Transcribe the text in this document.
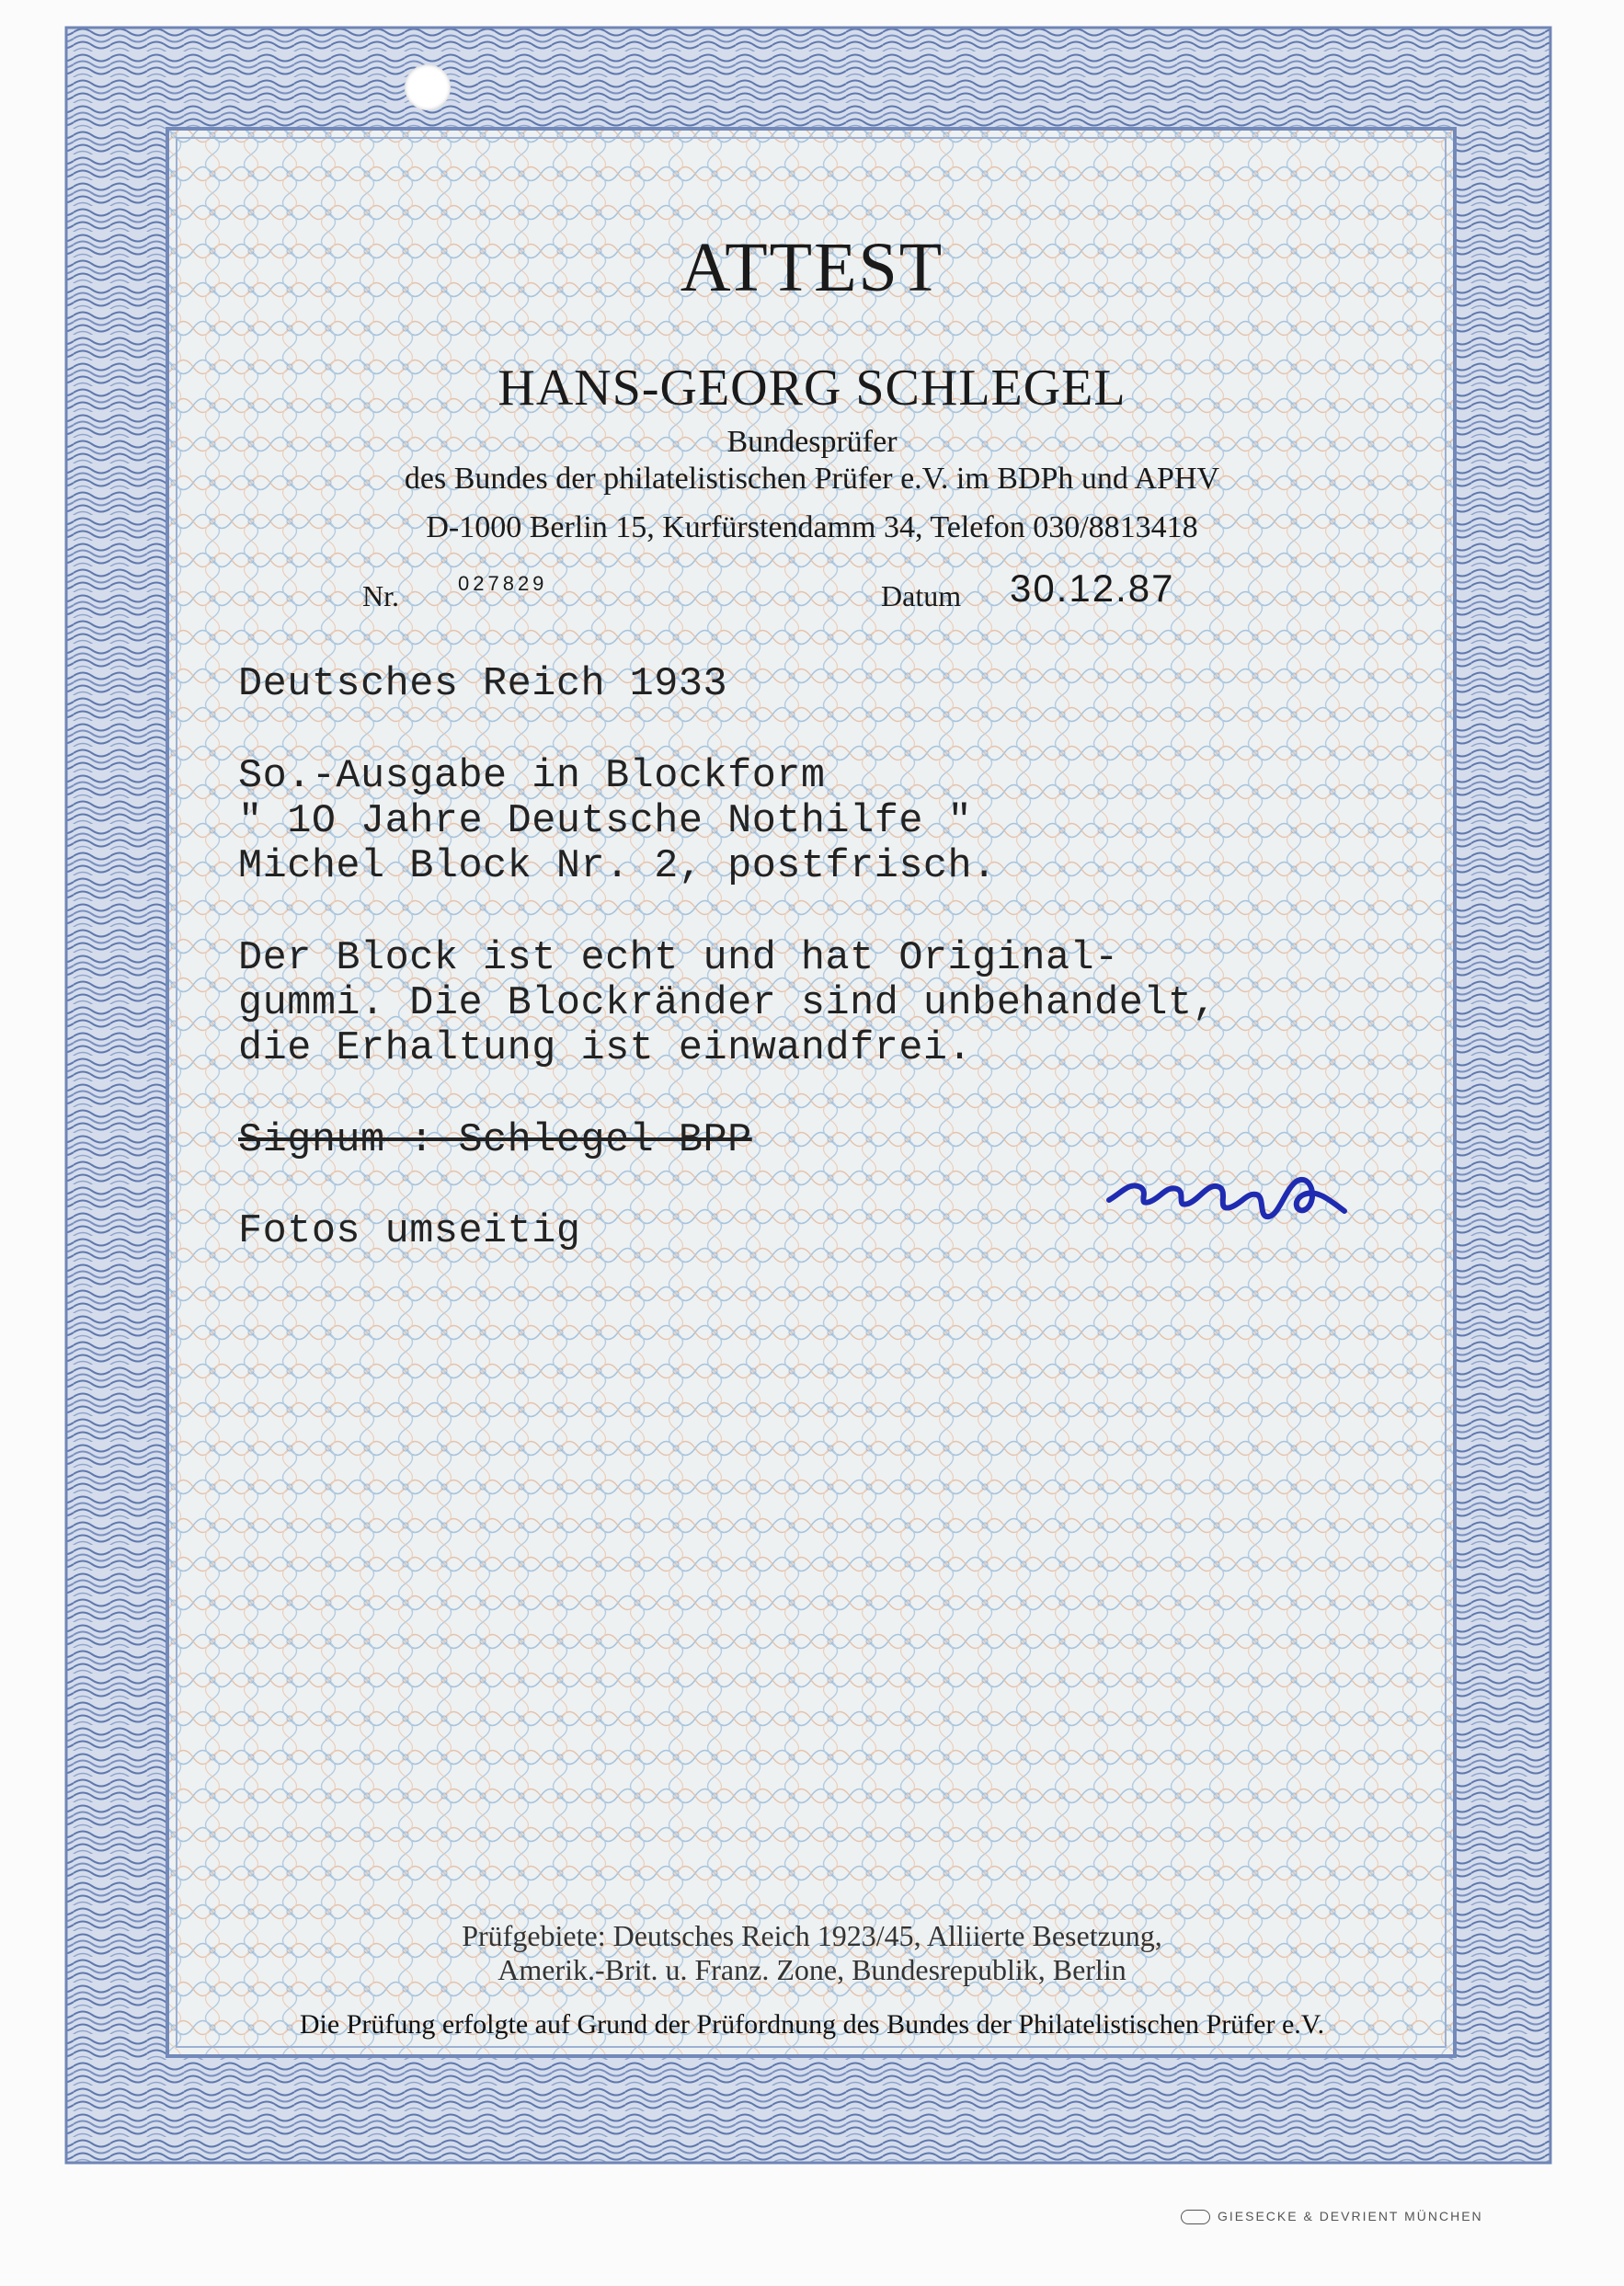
ATTEST
HANS-GEORG SCHLEGEL
Bundesprüfer
des Bundes der philatelistischen Prüfer e.V. im BDPh und APHV
D-1000 Berlin 15, Kurfürstendamm 34, Telefon 030/8813418
Nr.	027829	Datum 30.12.87
Deutsches Reich 1933
So.-Ausgabe in Blockform
" 1O Jahre Deutsche Nothilfe "
Michel Block Nr. 2, postfrisch.
Der Block ist echt und hat Original-
gummi. Die Blockränder sind unbehandelt,
die Erhaltung ist einwandfrei.
Signum : Schlegel BPP
Fotos umseitig
Prüfgebiete: Deutsches Reich 1923/45, Alliierte Besetzung,
Amerik.-Brit. u. Franz. Zone, Bundesrepublik, Berlin
Die Prüfung erfolgte auf Grund der Prüfordnung des Bundes der Philatelistischen Prüfer e.V.
GIESECKE & DEVRIENT MÜNCHEN
